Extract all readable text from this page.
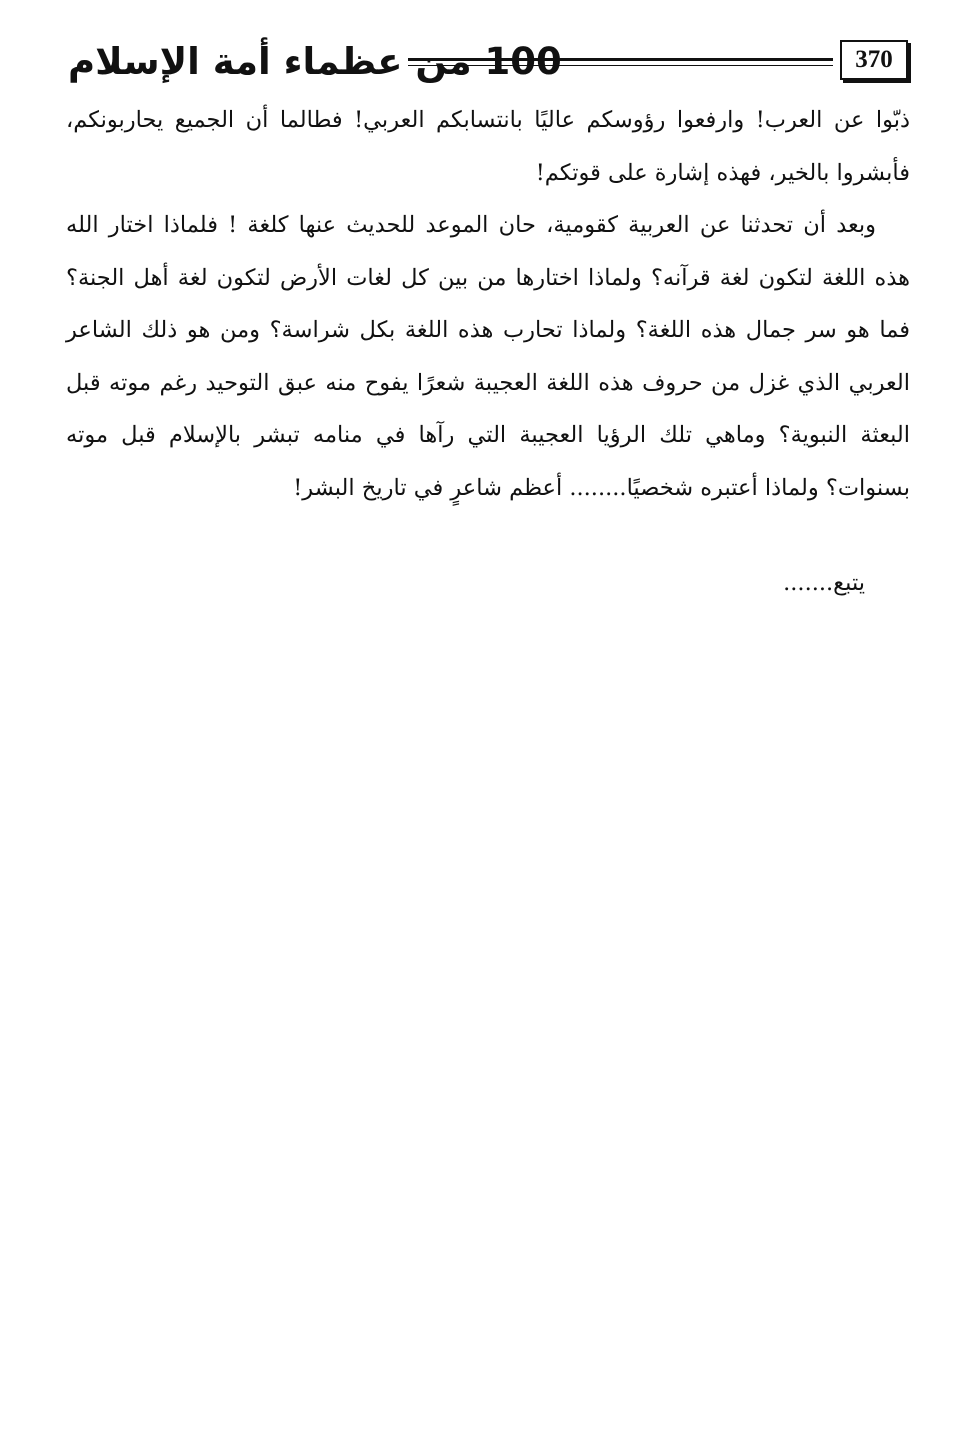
100 من عظماء أمة الإسلام	370

ذبّوا عن العرب! وارفعوا رؤوسكم عاليًا بانتسابكم العربي! فطالما أن الجميع يحاربونكم، فأبشروا بالخير، فهذه إشارة على قوتكم!

وبعد أن تحدثنا عن العربية كقومية، حان الموعد للحديث عنها كلغة ! فلماذا اختار الله هذه اللغة لتكون لغة قرآنه؟ ولماذا اختارها من بين كل لغات الأرض لتكون لغة أهل الجنة؟ فما هو سر جمال هذه اللغة؟ ولماذا تحارب هذه اللغة بكل شراسة؟ ومن هو ذلك الشاعر العربي الذي غزل من حروف هذه اللغة العجيبة شعرًا يفوح منه عبق التوحيد رغم موته قبل البعثة النبوية؟ وماهي تلك الرؤيا العجيبة التي رآها في منامه تبشر بالإسلام قبل موته بسنوات؟ ولماذا أعتبره شخصيًا........ أعظم شاعرٍ في تاريخ البشر!

يتبع.......
